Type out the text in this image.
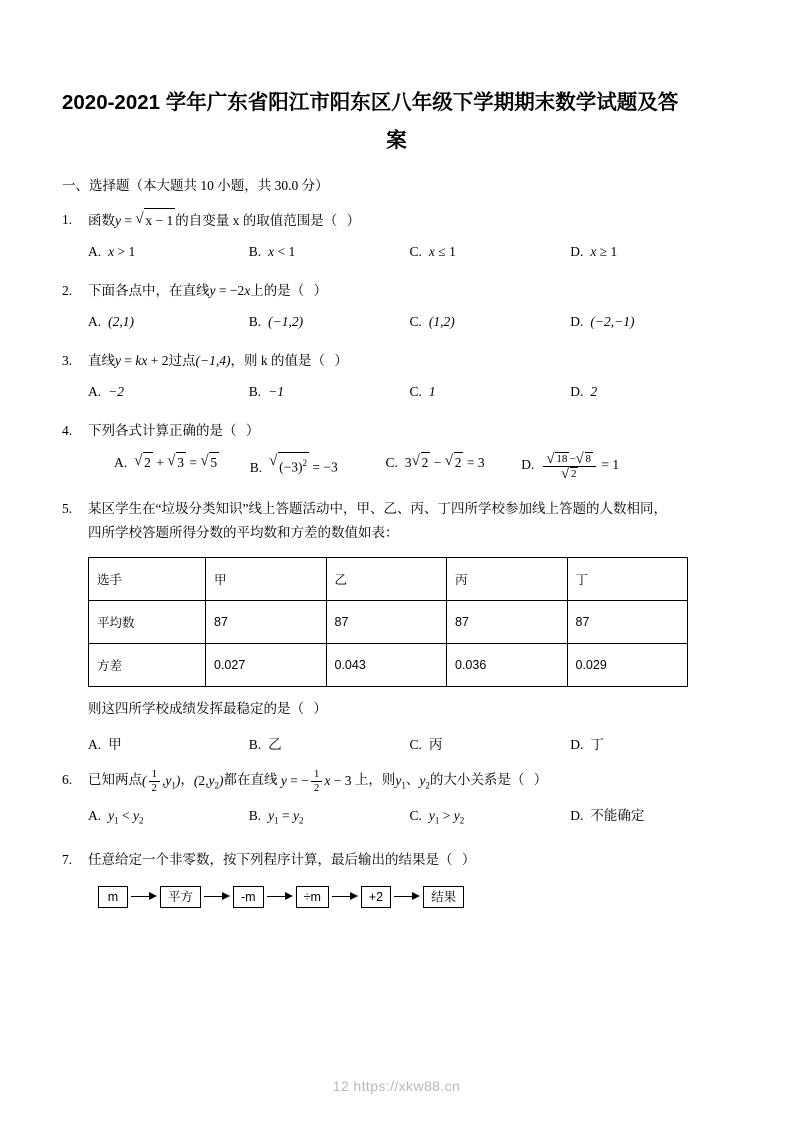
2020-2021 学年广东省阳江市阳东区八年级下学期期末数学试题及答
案
一、选择题（本大题共 10 小题，共 30.0 分）
1.	函数y = √ x − 1 的自变量 x 的取值范围是（ ）
A. x > 1	B. x < 1	C. x ≤ 1	D. x ≥ 1
2.	下面各点中，在直线y = −2x上的是（ ）
A. (2,1)	B. (−1,2)	C. (1,2)	D. (−2,−1)
3.	直线y = kx + 2过点(−1,4)，则 k 的值是（ ）
A. −2	B. −1	C. 1	D. 2
4.	下列各式计算正确的是（ ）
A.	√ 2 + √ 3 = √ 5 B.	√ $(-3)^2 = -3$	C. 3 √ 2 − √ 2 = 3	D. √ 18 − √ 8
√ 2 = 1
5.	某区学生在“垃圾分类知识”线上答题活动中，甲、乙、丙、丁四所学校参加线上答题的人数相同，
四所学校答题所得分数的平均数和方差的数值如表：
选手	甲	乙	丙	丁
平均数	87	87	87	87
方差	0.027	0.043	0.036	0.029
则这四所学校成绩发挥最稳定的是（ ）
A. 甲	B. 乙	C. 丙	D. 丁
6.	已知两点( $\frac{1}{2} ,y_1$)，$(2,y_2)$都在直线 y = − $\frac{1}{2}$ x − 3 上，则$y_1$、$y_2$的大小关系是（ ）
A. $y_1 < y_2$	B. $y_1 = y_2$	C. $y_1 > y_2$	D. 不能确定
7.	任意给定一个非零数，按下列程序计算，最后输出的结果是（ ）
m	平方	-m	÷m	+2	结果
12 https://xkw88.cn
